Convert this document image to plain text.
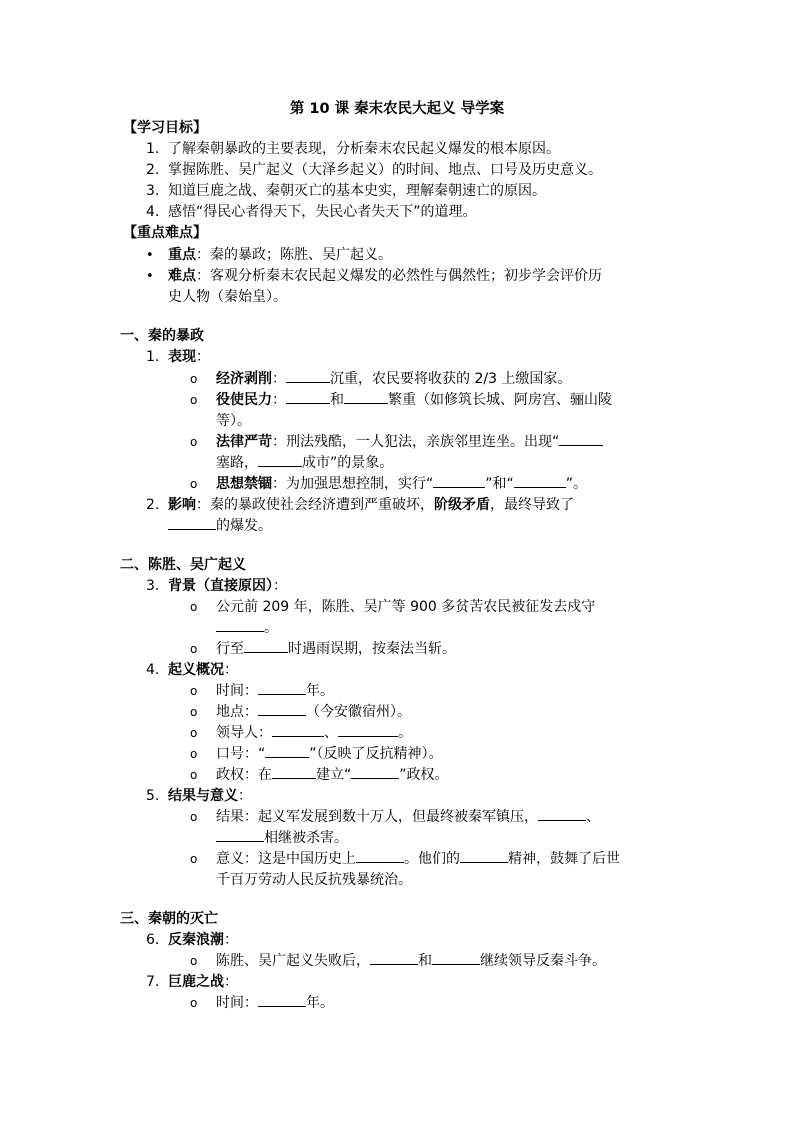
第 10 课 秦末农民大起义 导学案
【学习目标】
1. 了解秦朝暴政的主要表现，分析秦末农民起义爆发的根本原因。
2. 掌握陈胜、吴广起义（大泽乡起义）的时间、地点、口号及历史意义。
3. 知道巨鹿之战、秦朝灭亡的基本史实，理解秦朝速亡的原因。
4. 感悟“得民心者得天下，失民心者失天下”的道理。
【重点难点】
• 重点：秦的暴政；陈胜、吴广起义。
• 难点：客观分析秦末农民起义爆发的必然性与偶然性；初步学会评价历
史人物（秦始皇）。
一、秦的暴政
1. 表现：
o 经济剥削：	沉重，农民要将收获的 2/3 上缴国家。
o 役使民力：	和	繁重（如修筑长城、阿房宫、骊山陵
等）。
o 法律严苛：刑法残酷，一人犯法，亲族邻里连坐。出现“
塞路，	成市”的景象。
o 思想禁锢：为加强思想控制，实行“	”和“	”。
2. 影响：秦的暴政使社会经济遭到严重破坏，阶级矛盾，最终导致了
的爆发。
二、陈胜、吴广起义
3. 背景（直接原因）：
o 公元前 209 年，陈胜、吴广等 900 多贫苦农民被征发去戍守
。
o 行至	时遇雨误期，按秦法当斩。
4. 起义概况：
o 时间：	年。
o 地点：	（今安徽宿州）。
o 领导人：	、	。
o 口号：“	”（反映了反抗精神）。
o 政权：在	建立“	”政权。
5. 结果与意义：
o 结果：起义军发展到数十万人，但最终被秦军镇压，	、
相继被杀害。
o 意义：这是中国历史上	。他们的	精神，鼓舞了后世
千百万劳动人民反抗残暴统治。
三、秦朝的灭亡
6. 反秦浪潮：
o 陈胜、吴广起义失败后，	和	继续领导反秦斗争。
7. 巨鹿之战：
o 时间：	年。
